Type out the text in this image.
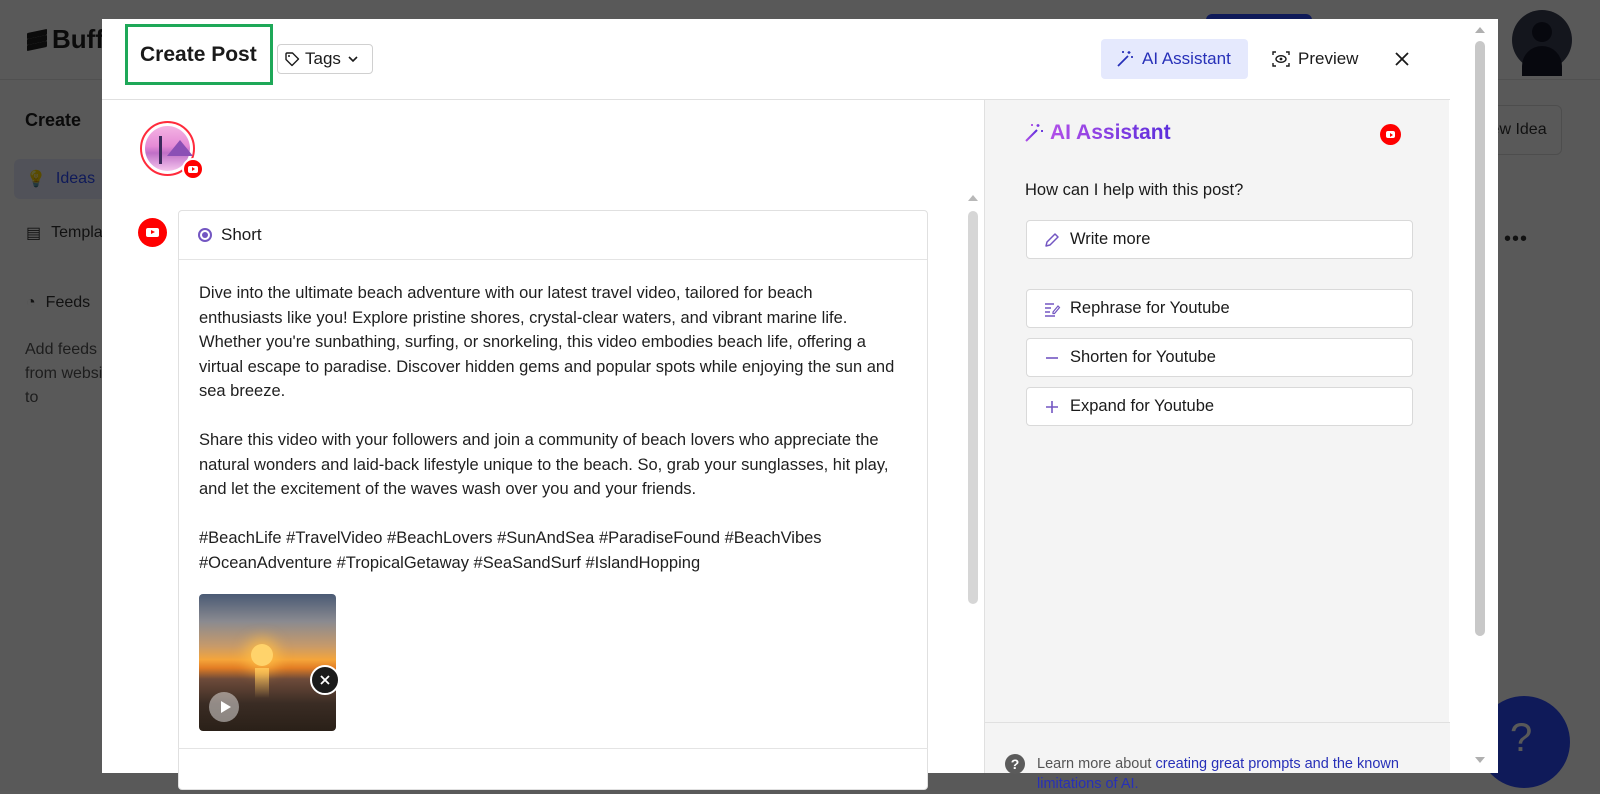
?
Create Post	Tags	AI Assistant	Preview
Short

Dive into the ultimate beach adventure with our latest travel video, tailored for beach enthusiasts like you! Explore pristine shores, crystal-clear waters, and vibrant marine life. Whether you're sunbathing, surfing, or snorkeling, this video embodies beach life, offering a virtual escape to paradise. Discover hidden gems and popular spots while enjoying the sun and sea breeze.

Share this video with your followers and join a community of beach lovers who appreciate the natural wonders and laid-back lifestyle unique to the beach. So, grab your sunglasses, hit play, and let the excitement of the waves wash over you and your friends.

#BeachLife #TravelVideo #BeachLovers #SunAndSea #ParadiseFound #BeachVibes #OceanAdventure #TropicalGetaway #SeaSandSurf #IslandHopping

AI Assistant
How can I help with this post?
Write more
Rephrase for Youtube
Shorten for Youtube
Expand for Youtube
?	Learn more about creating great prompts and the known limitations of AI.
